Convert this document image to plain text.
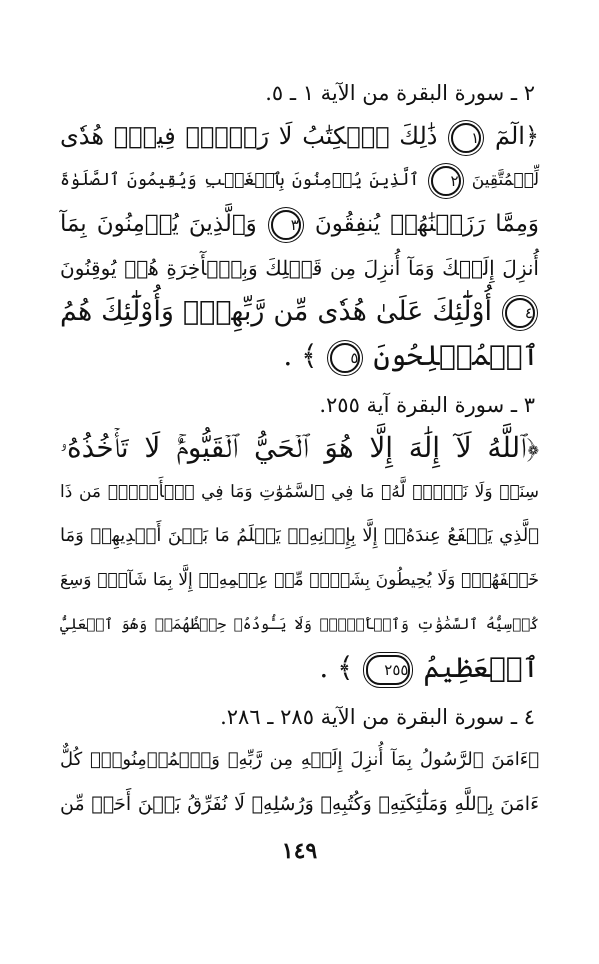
٢ ـ سورة البقرة من الآية ١ ـ ٥.
﴿الٓمٓ ١ ذَٰلِكَ ٱلۡكِتَٰبُ لَا رَيۡبَۛ فِيهِۛ هُدٗى
لِّلۡمُتَّقِينَ ٢ ٱلَّذِينَ يُؤۡمِنُونَ بِٱلۡغَيۡبِ وَيُقِيمُونَ ٱلصَّلَوٰةَ
وَمِمَّا رَزَقۡنَٰهُمۡ يُنفِقُونَ ٣ وَٱلَّذِينَ يُؤۡمِنُونَ بِمَآ
أُنزِلَ إِلَيۡكَ وَمَآ أُنزِلَ مِن قَبۡلِكَ وَبِٱلۡأٓخِرَةِ هُمۡ يُوقِنُونَ
٤ أُوْلَٰٓئِكَ عَلَىٰ هُدٗى مِّن رَّبِّهِمۡۖ وَأُوْلَٰٓئِكَ هُمُ
ٱلۡمُفۡلِحُونَ ٥ ﴾ .
٣ ـ سورة البقرة آية ٢٥٥.
﴿ٱللَّهُ لَآ إِلَٰهَ إِلَّا هُوَ ٱلۡحَيُّ ٱلۡقَيُّومُۚ لَا تَأۡخُذُهُۥ
سِنَةٞ وَلَا نَوۡمٞۚ لَّهُۥ مَا فِي ٱلسَّمَٰوَٰتِ وَمَا فِي ٱلۡأَرۡضِۗ مَن ذَا
ٱلَّذِي يَشۡفَعُ عِندَهُۥٓ إِلَّا بِإِذۡنِهِۦۚ يَعۡلَمُ مَا بَيۡنَ أَيۡدِيهِمۡ وَمَا
خَلۡفَهُمۡۖ وَلَا يُحِيطُونَ بِشَيۡءٖ مِّنۡ عِلۡمِهِۦٓ إِلَّا بِمَا شَآءَۚ وَسِعَ
كُرۡسِيُّهُ ٱلسَّمَٰوَٰتِ وَٱلۡأَرۡضَۖ وَلَا يَـُٔودُهُۥ حِفۡظُهُمَاۚ وَهُوَ ٱلۡعَلِيُّ
ٱلۡعَظِيمُ ٢٥٥ ﴾ .
٤ ـ سورة البقرة من الآية ٢٨٥ ـ ٢٨٦.
﴿ءَامَنَ ٱلرَّسُولُ بِمَآ أُنزِلَ إِلَيۡهِ مِن رَّبِّهِۦ وَٱلۡمُؤۡمِنُونَۚ كُلٌّ
ءَامَنَ بِٱللَّهِ وَمَلَٰٓئِكَتِهِۦ وَكُتُبِهِۦ وَرُسُلِهِۦ لَا نُفَرِّقُ بَيۡنَ أَحَدٖ مِّن
١٤٩
